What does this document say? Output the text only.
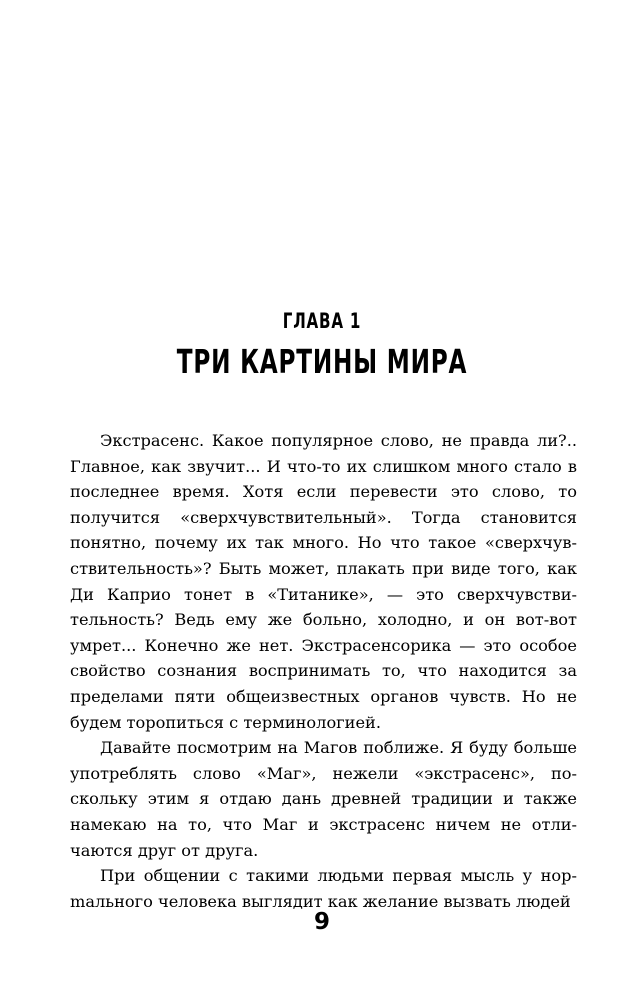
ГЛАВА 1
ТРИ КАРТИНЫ МИРА

Экстрасенс. Какое популярное слово, не правда ли?.. Главное, как звучит... И что-то их слишком много стало в последнее время. Хотя если перевести это слово, то получится «сверхчувствительный». Тогда становится понятно, почему их так много. Но что такое «сверхчувствительность»? Быть может, плакать при виде того, как Ди Каприо тонет в «Титанике», — это сверхчувствительность? Ведь ему же больно, холодно, и он вот-вот умрет... Конечно же нет. Экстрасенсорика — это особое свойство сознания воспринимать то, что находится за пределами пяти общеизвестных органов чувств. Но не будем торопиться с терминологией.

Давайте посмотрим на Магов поближе. Я буду больше употреблять слово «Маг», нежели «экстрасенс», поскольку этим я отдаю дань древней традиции и также намекаю на то, что Маг и экстрасенс ничем не отличаются друг от друга.

При общении с такими людьми первая мысль у норmального человека выглядит как желание вызвать людей

9
